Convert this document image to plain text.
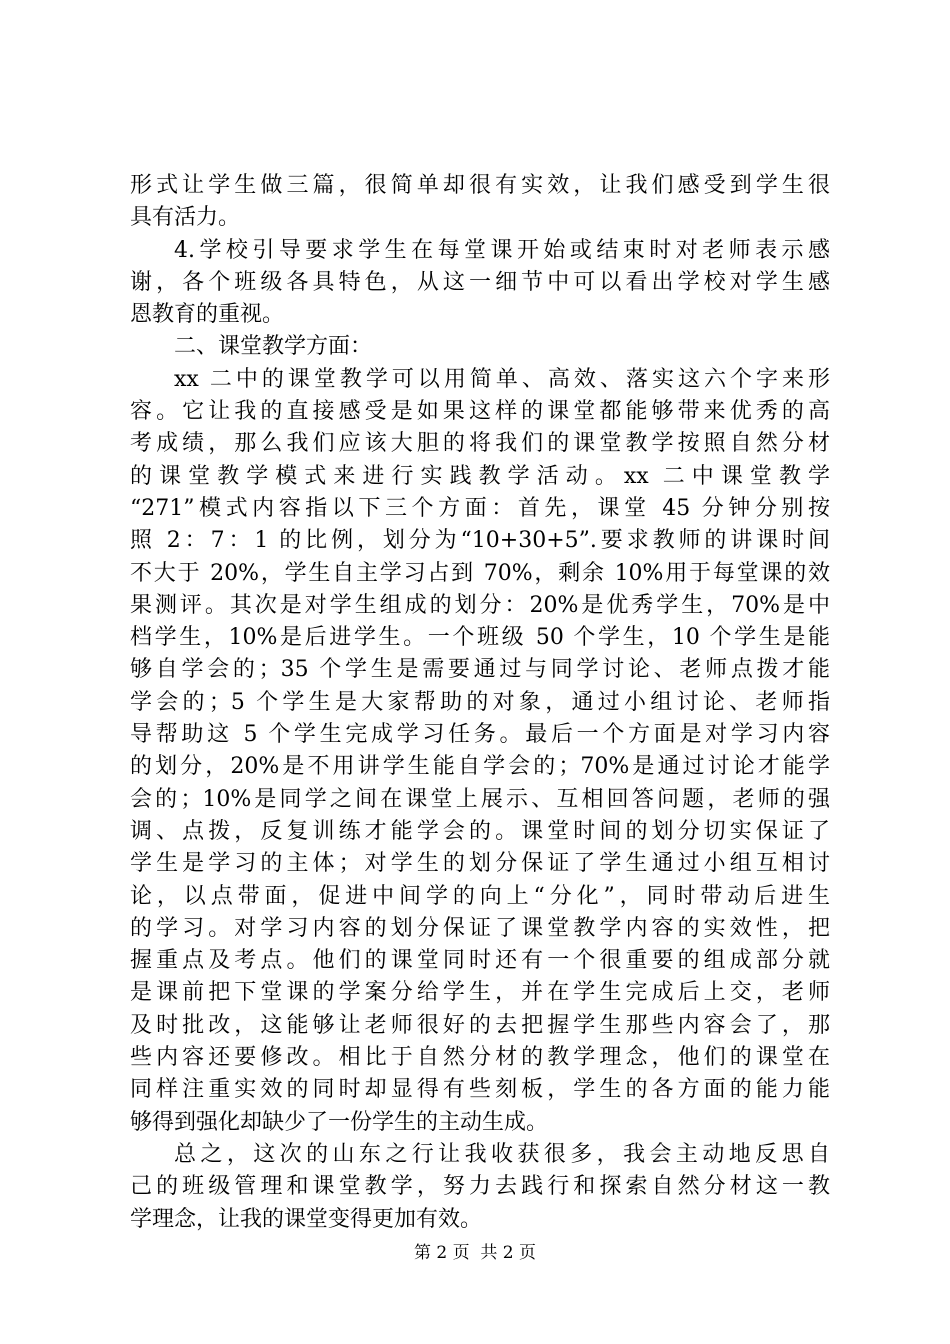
形式让学生做三篇，很简单却很有实效，让我们感受到学生很
具有活力。
4.学校引导要求学生在每堂课开始或结束时对老师表示感
谢，各个班级各具特色，从这一细节中可以看出学校对学生感
恩教育的重视。
二、课堂教学方面：
xx 二中的课堂教学可以用简单、高效、落实这六个字来形
容。它让我的直接感受是如果这样的课堂都能够带来优秀的高
考成绩，那么我们应该大胆的将我们的课堂教学按照自然分材
的课堂教学模式来进行实践教学活动。xx 二中课堂教学
“271”模式内容指以下三个方面：首先，课堂 45 分钟分别按
照 2：7：1 的比例，划分为“10+30+5”.要求教师的讲课时间
不大于 20%，学生自主学习占到 70%，剩余 10%用于每堂课的效
果测评。其次是对学生组成的划分：20%是优秀学生，70%是中
档学生，10%是后进学生。一个班级 50 个学生，10 个学生是能
够自学会的；35 个学生是需要通过与同学讨论、老师点拨才能
学会的；5 个学生是大家帮助的对象，通过小组讨论、老师指
导帮助这 5 个学生完成学习任务。最后一个方面是对学习内容
的划分，20%是不用讲学生能自学会的；70%是通过讨论才能学
会的；10%是同学之间在课堂上展示、互相回答问题，老师的强
调、点拨，反复训练才能学会的。课堂时间的划分切实保证了
学生是学习的主体；对学生的划分保证了学生通过小组互相讨
论，以点带面，促进中间学的向上“分化”，同时带动后进生
的学习。对学习内容的划分保证了课堂教学内容的实效性，把
握重点及考点。他们的课堂同时还有一个很重要的组成部分就
是课前把下堂课的学案分给学生，并在学生完成后上交，老师
及时批改，这能够让老师很好的去把握学生那些内容会了，那
些内容还要修改。相比于自然分材的教学理念，他们的课堂在
同样注重实效的同时却显得有些刻板，学生的各方面的能力能
够得到强化却缺少了一份学生的主动生成。
总之，这次的山东之行让我收获很多，我会主动地反思自
己的班级管理和课堂教学，努力去践行和探索自然分材这一教
学理念，让我的课堂变得更加有效。
第 2 页  共 2 页
